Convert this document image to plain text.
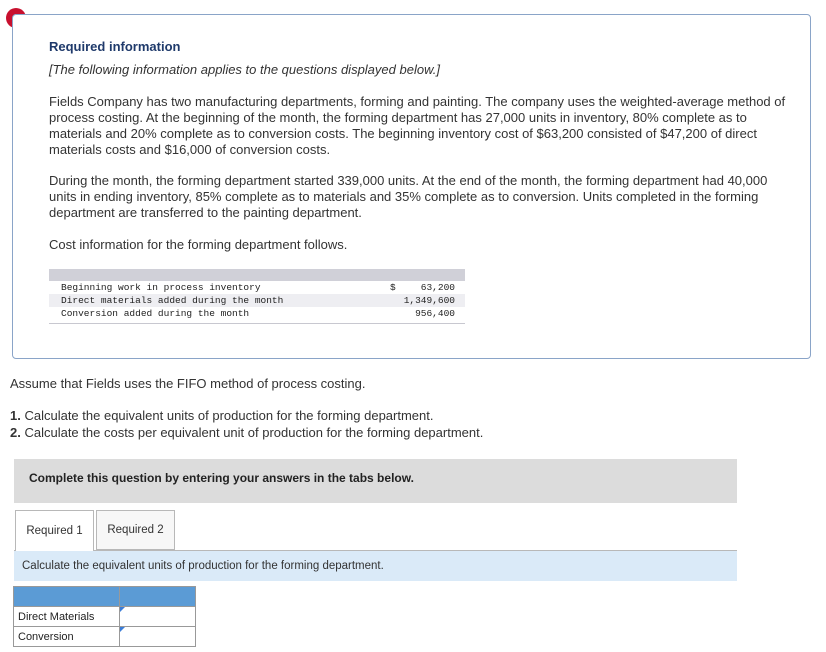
Required information
[The following information applies to the questions displayed below.]
Fields Company has two manufacturing departments, forming and painting. The company uses the weighted-average method of process costing. At the beginning of the month, the forming department has 27,000 units in inventory, 80% complete as to materials and 20% complete as to conversion costs. The beginning inventory cost of $63,200 consisted of $47,200 of direct materials costs and $16,000 of conversion costs.
During the month, the forming department started 339,000 units. At the end of the month, the forming department had 40,000 units in ending inventory, 85% complete as to materials and 35% complete as to conversion. Units completed in the forming department are transferred to the painting department.
Cost information for the forming department follows.
Beginning work in process inventory	$	63,200
Direct materials added during the month	1,349,600
Conversion added during the month	956,400
Assume that Fields uses the FIFO method of process costing.
1. Calculate the equivalent units of production for the forming department.
2. Calculate the costs per equivalent unit of production for the forming department.
Complete this question by entering your answers in the tabs below.
Required 1	Required 2
Calculate the equivalent units of production for the forming department.

Direct Materials	

Conversion	
